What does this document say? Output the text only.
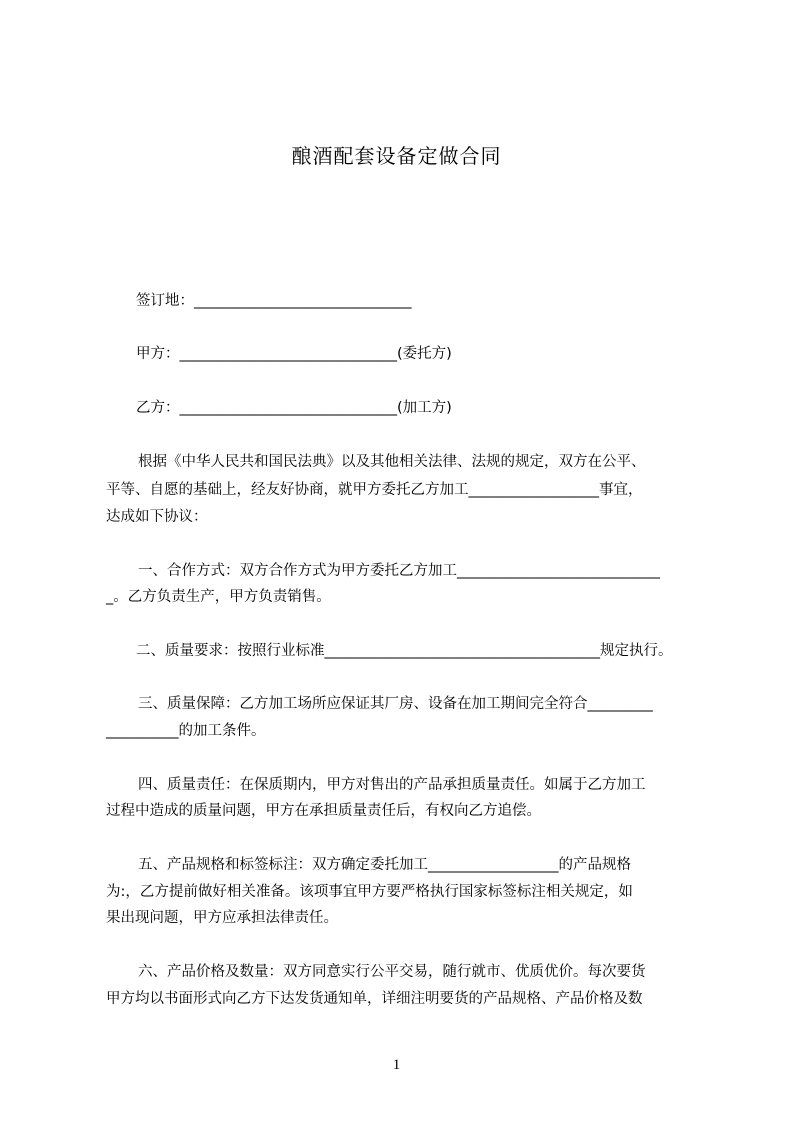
酿酒配套设备定做合同
签订地：______________________________
甲方：______________________________(委托方)
乙方：______________________________(加工方)
根据《中华人民共和国民法典》以及其他相关法律、法规的规定，双方在公平、
平等、自愿的基础上，经友好协商，就甲方委托乙方加工__________________事宜，
达成如下协议：
一、合作方式：双方合作方式为甲方委托乙方加工____________________________
_。乙方负责生产，甲方负责销售。
二、质量要求：按照行业标准______________________________________规定执行。
三、质量保障：乙方加工场所应保证其厂房、设备在加工期间完全符合_________
__________的加工条件。
四、质量责任：在保质期内，甲方对售出的产品承担质量责任。如属于乙方加工
过程中造成的质量问题，甲方在承担质量责任后，有权向乙方追偿。
五、产品规格和标签标注：双方确定委托加工__________________的产品规格
为:，乙方提前做好相关准备。该项事宜甲方要严格执行国家标签标注相关规定，如
果出现问题，甲方应承担法律责任。
六、产品价格及数量：双方同意实行公平交易，随行就市、优质优价。每次要货
甲方均以书面形式向乙方下达发货通知单，详细注明要货的产品规格、产品价格及数
1
